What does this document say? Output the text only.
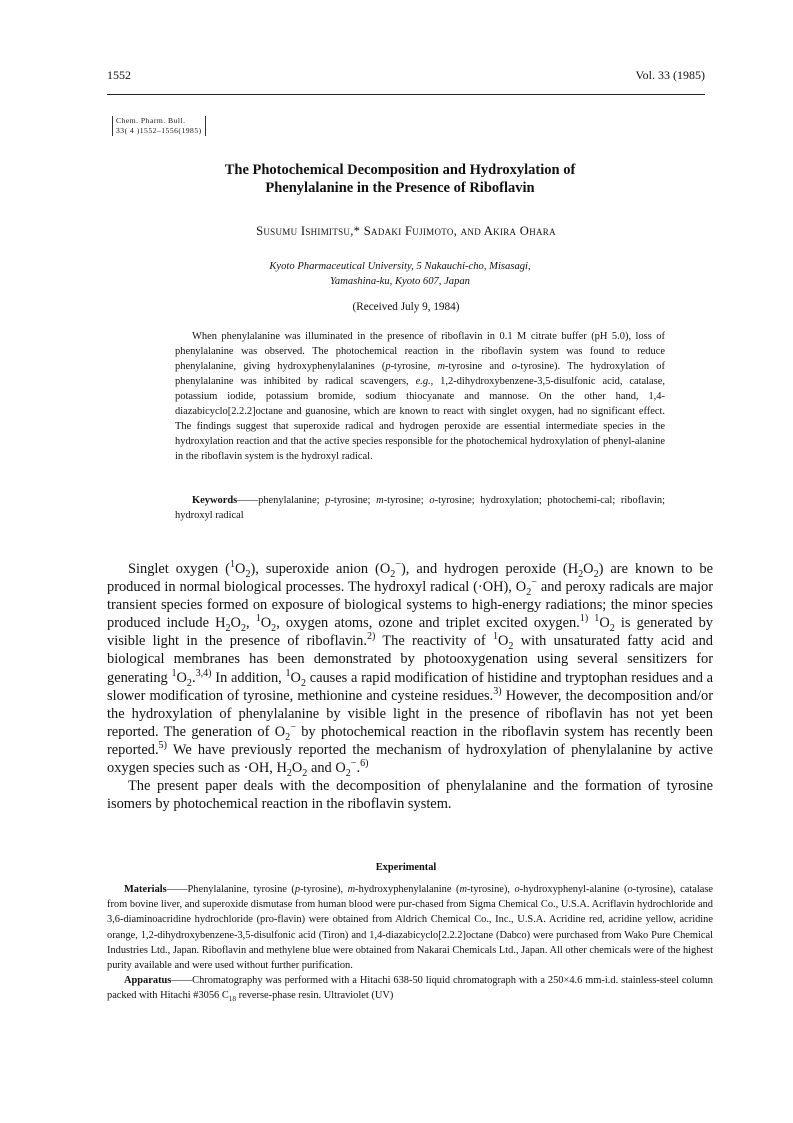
1552	Vol. 33 (1985)
Chem. Pharm. Bull.
33( 4 )1552–1556(1985)
The Photochemical Decomposition and Hydroxylation of
Phenylalanine in the Presence of Riboflavin
Susumu Ishimitsu,* Sadaki Fujimoto, and Akira Ohara
Kyoto Pharmaceutical University, 5 Nakauchi-cho, Misasagi,
Yamashina-ku, Kyoto 607, Japan
(Received July 9, 1984)

When phenylalanine was illuminated in the presence of riboflavin in 0.1 M citrate buffer (pH 5.0), loss of phenylalanine was observed. The photochemical reaction in the riboflavin system was found to reduce phenylalanine, giving hydroxyphenylalanines (p-tyrosine, m-tyrosine and o-tyrosine). The hydroxylation of phenylalanine was inhibited by radical scavengers, e.g., 1,2-dihydroxybenzene-3,5-disulfonic acid, catalase, potassium iodide, potassium bromide, sodium thiocyanate and mannose. On the other hand, 1,4-diazabicyclo[2.2.2]octane and guanosine, which are known to react with singlet oxygen, had no significant effect. The findings suggest that superoxide radical and hydrogen peroxide are essential intermediate species in the hydroxylation reaction and that the active species responsible for the photochemical hydroxylation of phenyl-alanine in the riboflavin system is the hydroxyl radical.

Keywords——phenylalanine; p-tyrosine; m-tyrosine; o-tyrosine; hydroxylation; photochemi-cal; riboflavin; hydroxyl radical

Singlet oxygen $(^1O_2)$, superoxide anion $(O_2^-)$, and hydrogen peroxide $(H_2O_2)$ are known to be produced in normal biological processes. The hydroxyl radical (·OH), $O_2^-$ and peroxy radicals are major transient species formed on exposure of biological systems to high-energy radiations; the minor species produced include $H_2O_2$, $^1O_2$, oxygen atoms, ozone and triplet excited oxygen.$^{1)}$ $^1O_2$ is generated by visible light in the presence of riboflavin.$^{2)}$ The reactivity of $^1O_2$ with unsaturated fatty acid and biological membranes has been demonstrated by photooxygenation using several sensitizers for generating $^1O_2.^{3,4)}$ In addition, $^1O_2$ causes a rapid modification of histidine and tryptophan residues and a slower modification of tyrosine, methionine and cysteine residues.$^{3)}$ However, the decomposition and/or the hydroxylation of phenylalanine by visible light in the presence of riboflavin has not yet been reported. The generation of $O_2^-$ by photochemical reaction in the riboflavin system has recently been reported.$^{5)}$ We have previously reported the mechanism of hydroxylation of phenylalanine by active oxygen species such as ·OH, $H_2O_2$ and $O_2^-.^{6)}$

The present paper deals with the decomposition of phenylalanine and the formation of tyrosine isomers by photochemical reaction in the riboflavin system.

Experimental

Materials——Phenylalanine, tyrosine (p-tyrosine), m-hydroxyphenylalanine (m-tyrosine), o-hydroxyphenyl-alanine (o-tyrosine), catalase from bovine liver, and superoxide dismutase from human blood were pur-chased from Sigma Chemical Co., U.S.A. Acriflavin hydrochloride and 3,6-diaminoacridine hydrochloride (pro-flavin) were obtained from Aldrich Chemical Co., Inc., U.S.A. Acridine red, acridine yellow, acridine orange, 1,2-dihydroxybenzene-3,5-disulfonic acid (Tiron) and 1,4-diazabicyclo[2.2.2]octane (Dabco) were purchased from Wako Pure Chemical Industries Ltd., Japan. Riboflavin and methylene blue were obtained from Nakarai Chemicals Ltd., Japan. All other chemicals were of the highest purity available and were used without further purification.

Apparatus——Chromatography was performed with a Hitachi 638-50 liquid chromatograph with a 250×4.6 mm-i.d. stainless-steel column packed with Hitachi #3056 $C_{18}$ reverse-phase resin. Ultraviolet (UV)
